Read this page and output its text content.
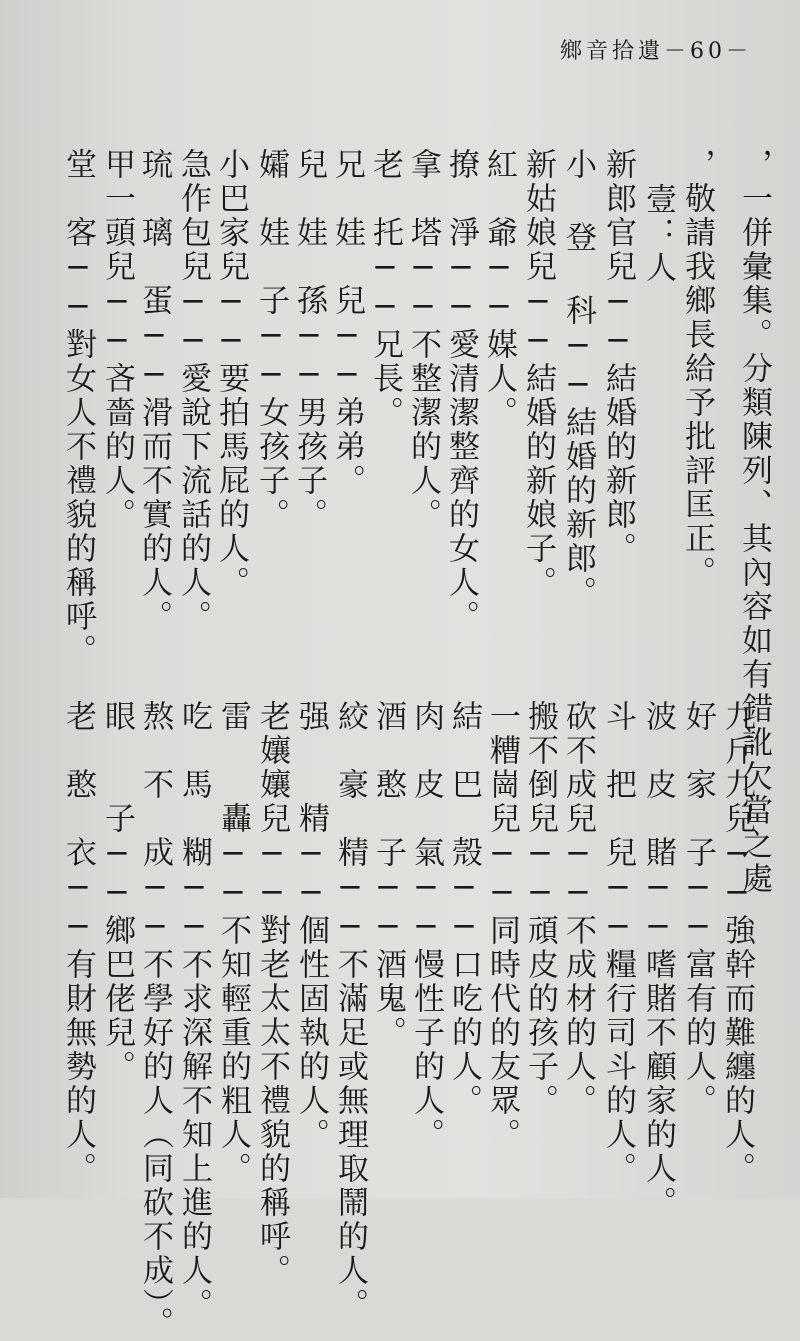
鄉音拾遺－60－
，一併彙集。分類陳列、其內容如有錯訛欠當之處
，敬請我鄉長給予批評匡正。
壹：人
新郎官兒──結婚的新郎。
小 登 科──結婚的新郎。
新姑娘兒──結婚的新娘子。
紅　爺──媒人。
撩　淨──愛清潔整齊的女人。
拿　塔──不整潔的人。
老　托──兄長。
兄　娃　兒──弟弟。
兒　娃　孫──男孩子。
孀　娃　子──女孩子。
小巴家兒──要拍馬屁的人。
急作包兒──愛說下流話的人。
琉　璃　蛋──滑而不實的人。
甲一頭兒──吝嗇的人。
堂　客──對女人不禮貌的稱呼。
九斤九兒──強幹而難纏的人。
好　家　子──富有的人。
波　皮　賭──嗜賭不顧家的人。
斗　把　兒──糧行司斗的人。
砍不成兒──不成材的人。
搬不倒兒──頑皮的孩子。
一糟崗兒──同時代的友眾。
結　巴　殼──口吃的人。
肉　皮　氣──慢性子的人。
酒　憨　子──酒鬼。
絞　豪　精──不滿足或無理取鬧的人。
强　　精──個性固執的人。
老孃孃兒──對老太太不禮貌的稱呼。
雷　　轟──不知輕重的粗人。
吃　馬　糊──不求深解不知上進的人。
熬　不　成──不學好的人（同砍不成）。
眼　　子──鄉巴佬兒。
老　憨　衣──有財無勢的人。
